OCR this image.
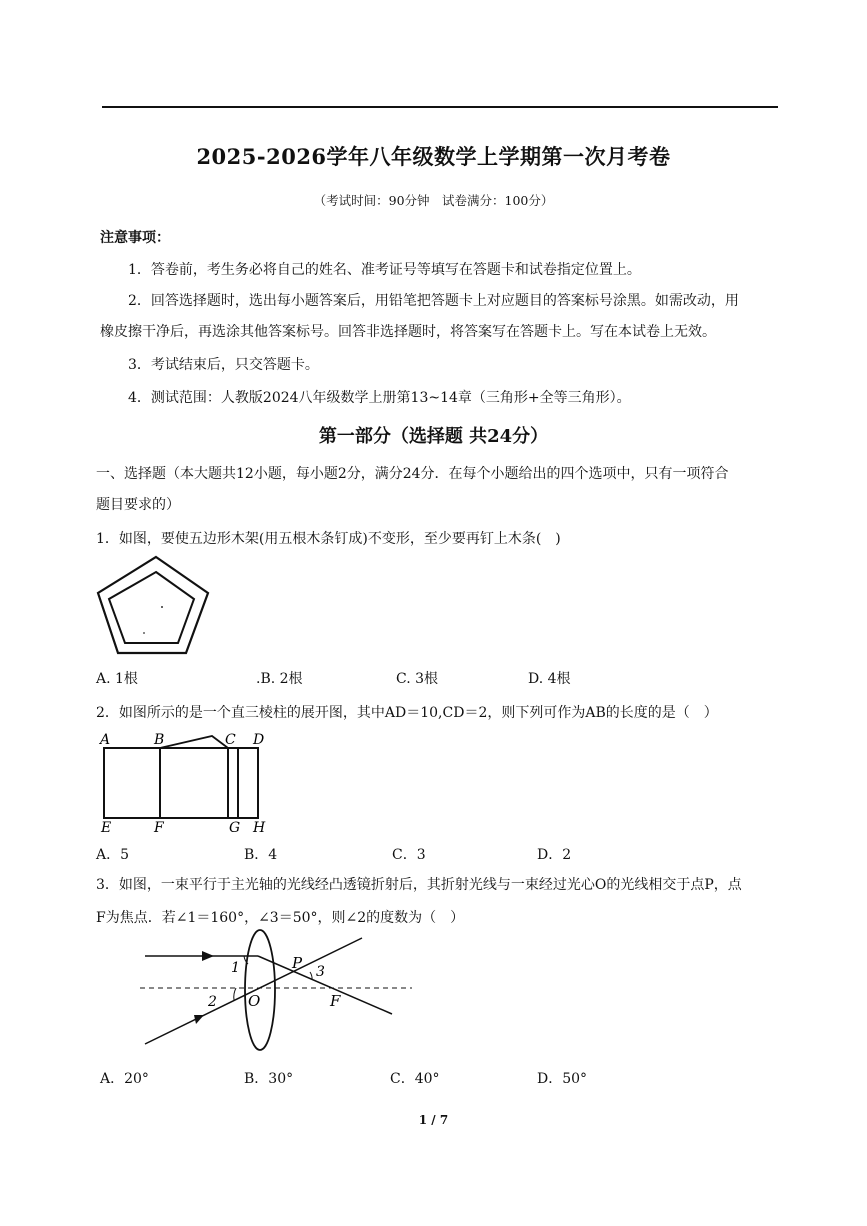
2025-2026学年八年级数学上学期第一次月考卷
（考试时间：90分钟　试卷满分：100分）
注意事项：
1．答卷前，考生务必将自己的姓名、准考证号等填写在答题卡和试卷指定位置上。
2．回答选择题时，选出每小题答案后，用铅笔把答题卡上对应题目的答案标号涂黑。如需改动，用
橡皮擦干净后，再选涂其他答案标号。回答非选择题时，将答案写在答题卡上。写在本试卷上无效。
3．考试结束后，只交答题卡。
4．测试范围：人教版2024八年级数学上册第13~14章（三角形+全等三角形）。
第一部分（选择题 共24分）
一、选择题（本大题共12小题，每小题2分，满分24分．在每个小题给出的四个选项中，只有一项符合
题目要求的）
1．如图，要使五边形木架(用五根木条钉成)不变形，至少要再钉上木条(　)
A. 1根	.B. 2根	C. 3根	D. 4根
2．如图所示的是一个直三棱柱的展开图，其中AD＝10,CD＝2，则下列可作为AB的长度的是（　）
A	B	C D
E	F	G H
A．5	B．4	C．3	D．2
3．如图，一束平行于主光轴的光线经凸透镜折射后，其折射光线与一束经过光心O的光线相交于点P，点
F为焦点．若∠1＝160°，∠3＝50°，则∠2的度数为（　）
1
2
3
P
O	F
A．20°	B．30°	C．40°	D．50°
1 / 7
